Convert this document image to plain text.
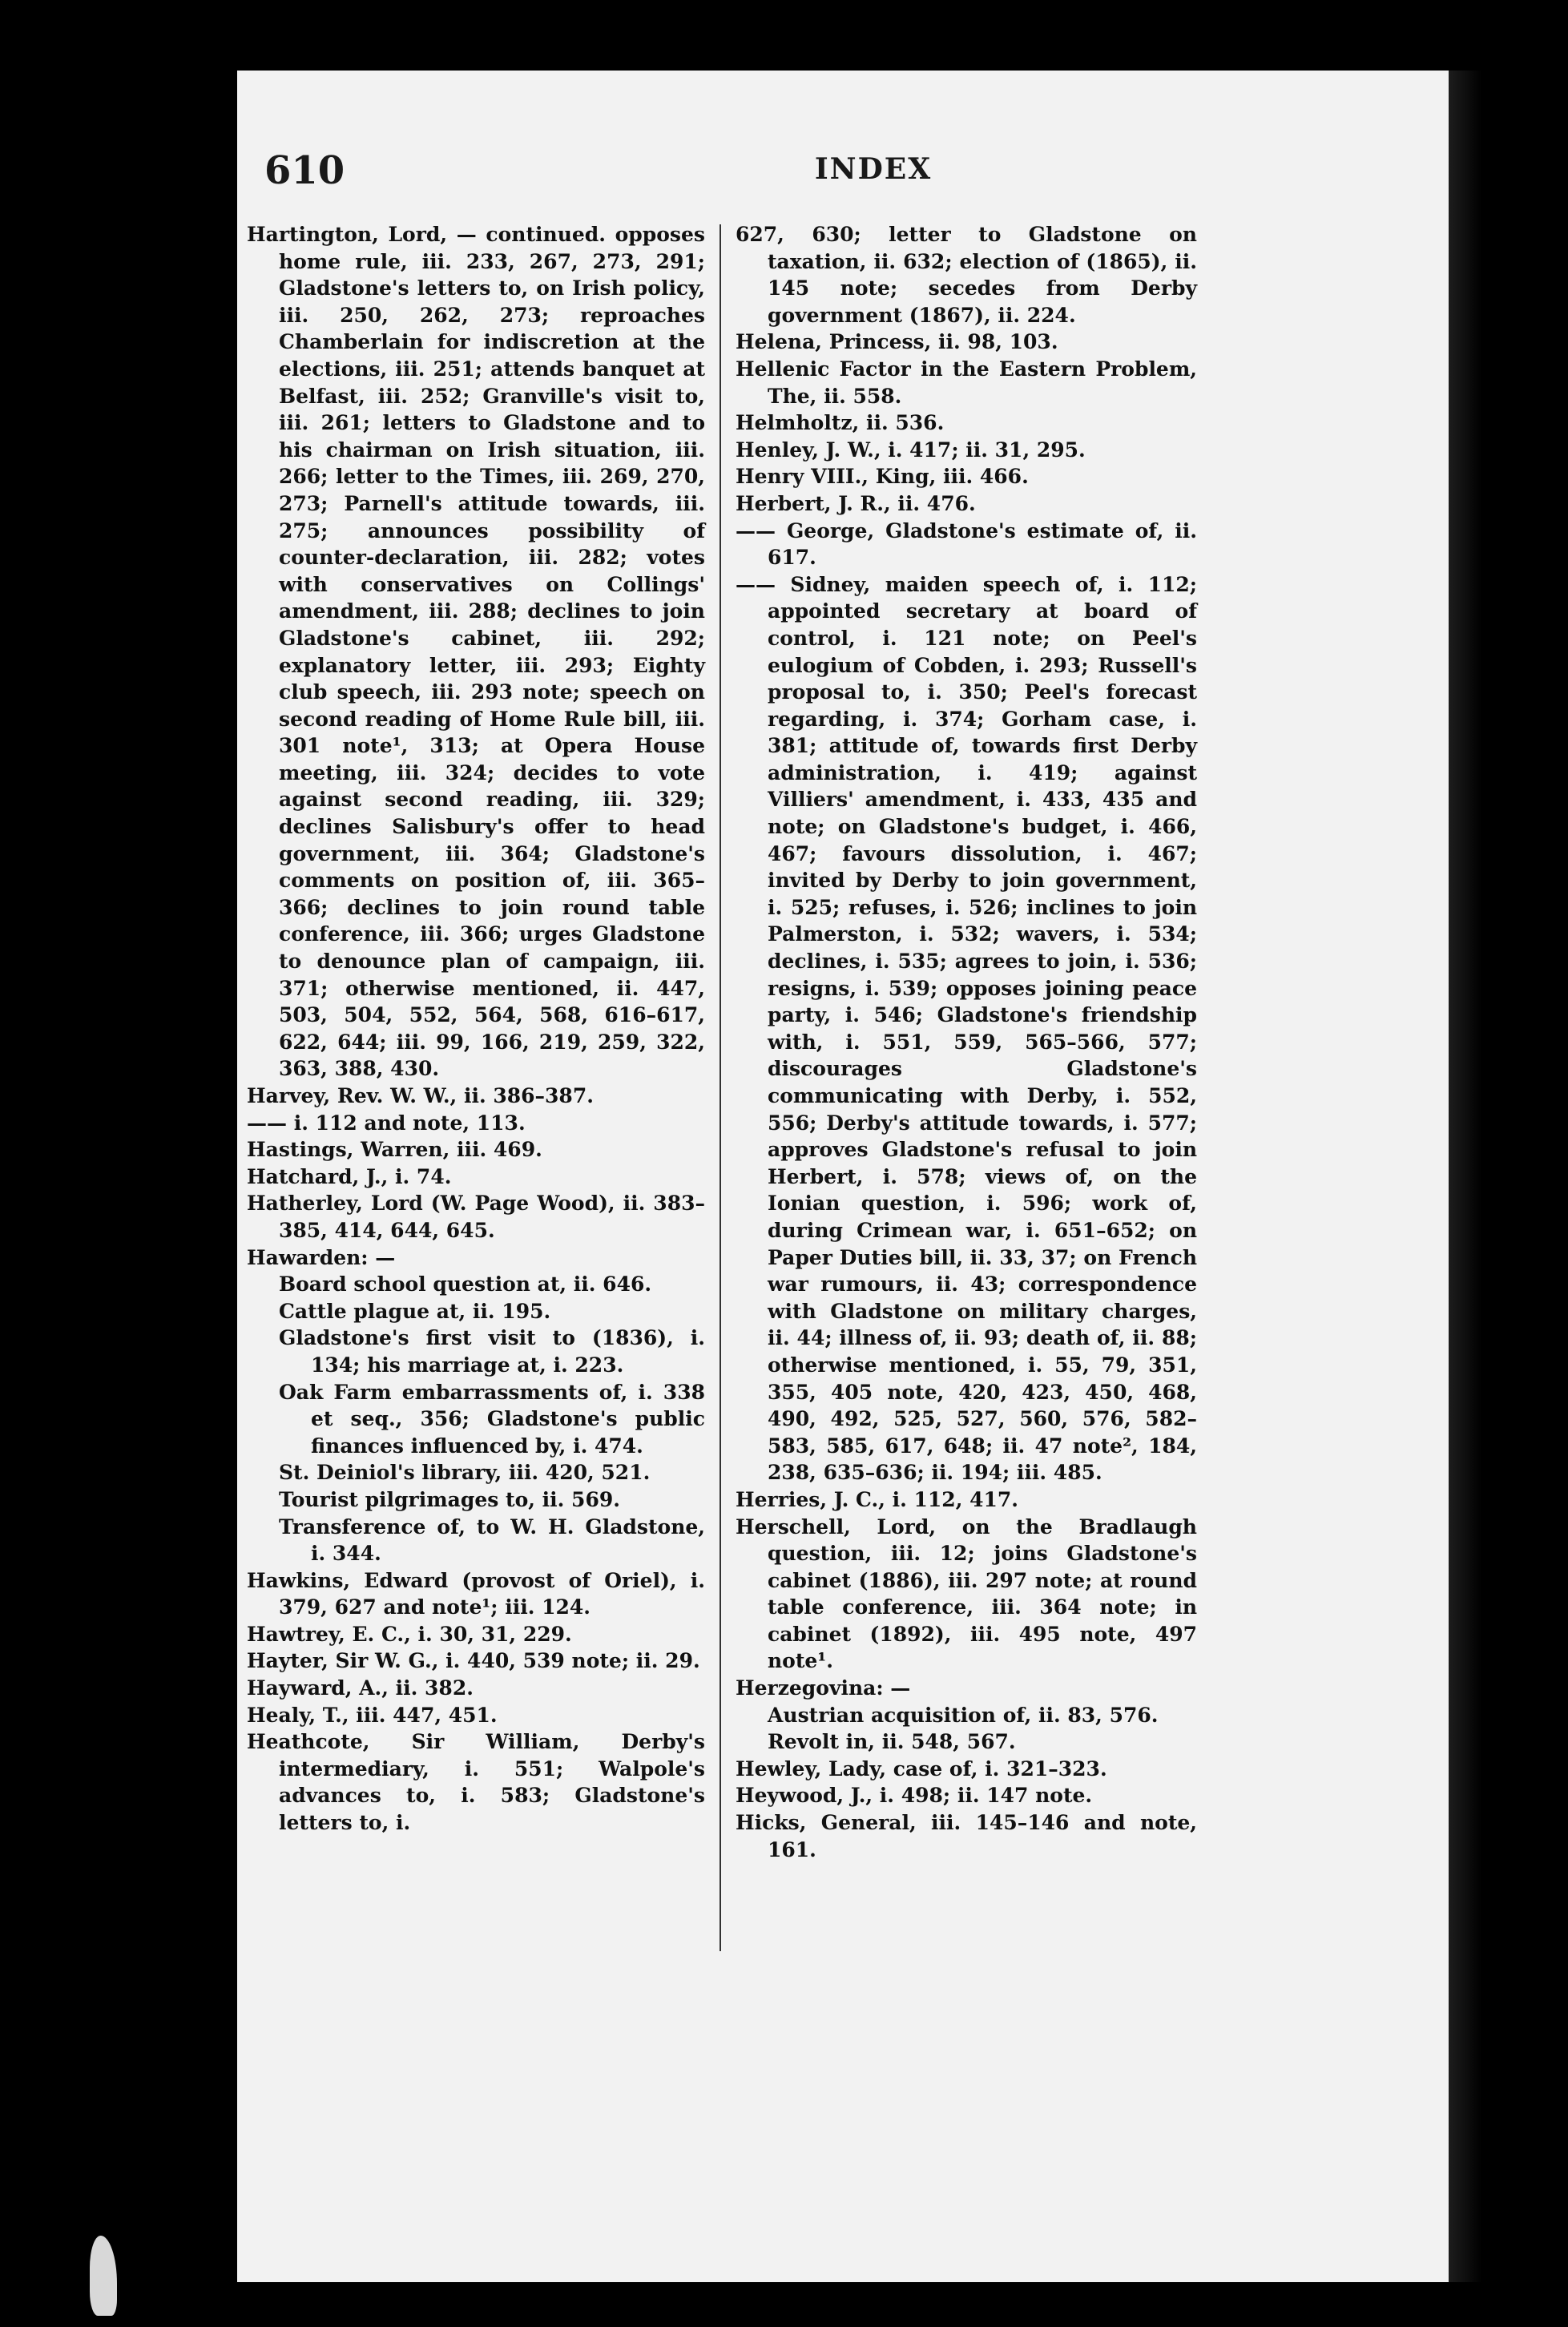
610	INDEX

Hartington, Lord, — continued. opposes home rule, iii. 233, 267, 273, 291; Gladstone's letters to, on Irish policy, iii. 250, 262, 273; reproaches Chamberlain for indiscretion at the elections, iii. 251; attends banquet at Belfast, iii. 252; Granville's visit to, iii. 261; letters to Gladstone and to his chairman on Irish situation, iii. 266; letter to the Times, iii. 269, 270, 273; Parnell's attitude towards, iii. 275; announces possibility of counter-declaration, iii. 282; votes with conservatives on Collings' amendment, iii. 288; declines to join Gladstone's cabinet, iii. 292; explanatory letter, iii. 293; Eighty club speech, iii. 293 note; speech on second reading of Home Rule bill, iii. 301 note¹, 313; at Opera House meeting, iii. 324; decides to vote against second reading, iii. 329; declines Salisbury's offer to head government, iii. 364; Gladstone's comments on position of, iii. 365–366; declines to join round table conference, iii. 366; urges Gladstone to denounce plan of campaign, iii. 371; otherwise mentioned, ii. 447, 503, 504, 552, 564, 568, 616–617, 622, 644; iii. 99, 166, 219, 259, 322, 363, 388, 430.

Harvey, Rev. W. W., ii. 386–387.

—— i. 112 and note, 113.

Hastings, Warren, iii. 469.

Hatchard, J., i. 74.

Hatherley, Lord (W. Page Wood), ii. 383–385, 414, 644, 645.

Hawarden: —

Board school question at, ii. 646.

Cattle plague at, ii. 195.

Gladstone's first visit to (1836), i. 134; his marriage at, i. 223.

Oak Farm embarrassments of, i. 338 et seq., 356; Gladstone's public finances influenced by, i. 474.

St. Deiniol's library, iii. 420, 521.

Tourist pilgrimages to, ii. 569.

Transference of, to W. H. Gladstone, i. 344.

Hawkins, Edward (provost of Oriel), i. 379, 627 and note¹; iii. 124.

Hawtrey, E. C., i. 30, 31, 229.

Hayter, Sir W. G., i. 440, 539 note; ii. 29.

Hayward, A., ii. 382.

Healy, T., iii. 447, 451.

Heathcote, Sir William, Derby's intermediary, i. 551; Walpole's advances to, i. 583; Gladstone's letters to, i.

627, 630; letter to Gladstone on taxation, ii. 632; election of (1865), ii. 145 note; secedes from Derby government (1867), ii. 224.

Helena, Princess, ii. 98, 103.

Hellenic Factor in the Eastern Problem, The, ii. 558.

Helmholtz, ii. 536.

Henley, J. W., i. 417; ii. 31, 295.

Henry VIII., King, iii. 466.

Herbert, J. R., ii. 476.

—— George, Gladstone's estimate of, ii. 617.

—— Sidney, maiden speech of, i. 112; appointed secretary at board of control, i. 121 note; on Peel's eulogium of Cobden, i. 293; Russell's proposal to, i. 350; Peel's forecast regarding, i. 374; Gorham case, i. 381; attitude of, towards first Derby administration, i. 419; against Villiers' amendment, i. 433, 435 and note; on Gladstone's budget, i. 466, 467; favours dissolution, i. 467; invited by Derby to join government, i. 525; refuses, i. 526; inclines to join Palmerston, i. 532; wavers, i. 534; declines, i. 535; agrees to join, i. 536; resigns, i. 539; opposes joining peace party, i. 546; Gladstone's friendship with, i. 551, 559, 565–566, 577; discourages Gladstone's communicating with Derby, i. 552, 556; Derby's attitude towards, i. 577; approves Gladstone's refusal to join Herbert, i. 578; views of, on the Ionian question, i. 596; work of, during Crimean war, i. 651–652; on Paper Duties bill, ii. 33, 37; on French war rumours, ii. 43; correspondence with Gladstone on military charges, ii. 44; illness of, ii. 93; death of, ii. 88; otherwise mentioned, i. 55, 79, 351, 355, 405 note, 420, 423, 450, 468, 490, 492, 525, 527, 560, 576, 582–583, 585, 617, 648; ii. 47 note², 184, 238, 635–636; ii. 194; iii. 485.

Herries, J. C., i. 112, 417.

Herschell, Lord, on the Bradlaugh question, iii. 12; joins Gladstone's cabinet (1886), iii. 297 note; at round table conference, iii. 364 note; in cabinet (1892), iii. 495 note, 497 note¹.

Herzegovina: —

Austrian acquisition of, ii. 83, 576.

Revolt in, ii. 548, 567.

Hewley, Lady, case of, i. 321–323.

Heywood, J., i. 498; ii. 147 note.

Hicks, General, iii. 145–146 and note, 161.
